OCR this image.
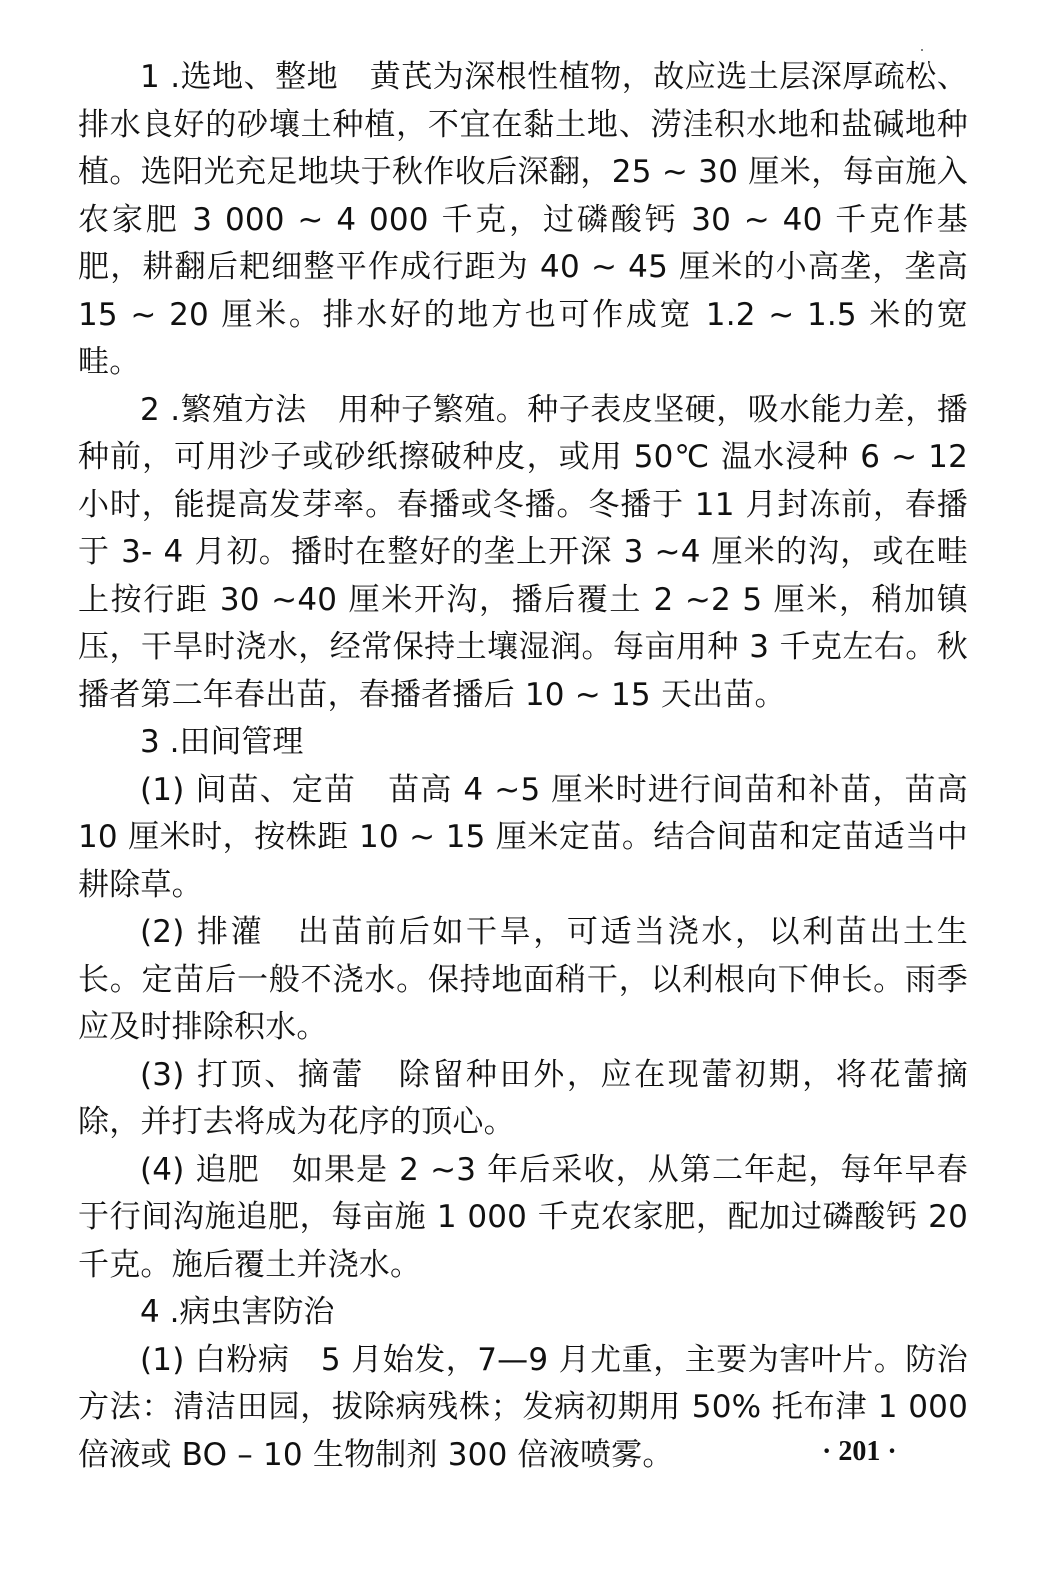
1 .选地、整地　黄芪为深根性植物，故应选土层深厚疏松、排水良好的砂壤土种植，不宜在黏土地、涝洼积水地和盐碱地种植。选阳光充足地块于秋作收后深翻，25 ~ 30 厘米，每亩施入农家肥 3 000 ~ 4 000 千克，过磷酸钙 30 ~ 40 千克作基肥，耕翻后耙细整平作成行距为 40 ~ 45 厘米的小高垄，垄高 15 ~ 20 厘米。排水好的地方也可作成宽 1.2 ~ 1.5 米的宽畦。

2 .繁殖方法　用种子繁殖。种子表皮坚硬，吸水能力差，播种前，可用沙子或砂纸擦破种皮，或用 50℃ 温水浸种 6 ~ 12 小时，能提高发芽率。春播或冬播。冬播于 11 月封冻前，春播于 3- 4 月初。播时在整好的垄上开深 3 ~4 厘米的沟，或在畦上按行距 30 ~40 厘米开沟，播后覆土 2 ~2 5 厘米，稍加镇压，干旱时浇水，经常保持土壤湿润。每亩用种 3 千克左右。秋播者第二年春出苗，春播者播后 10 ~ 15 天出苗。

3 .田间管理

(1) 间苗、定苗　苗高 4 ~5 厘米时进行间苗和补苗，苗高 10 厘米时，按株距 10 ~ 15 厘米定苗。结合间苗和定苗适当中耕除草。

(2) 排灌　出苗前后如干旱，可适当浇水，以利苗出土生长。定苗后一般不浇水。保持地面稍干，以利根向下伸长。雨季应及时排除积水。

(3) 打顶、摘蕾　除留种田外，应在现蕾初期，将花蕾摘除，并打去将成为花序的顶心。

(4) 追肥　如果是 2 ~3 年后采收，从第二年起，每年早春于行间沟施追肥，每亩施 1 000 千克农家肥，配加过磷酸钙 20 千克。施后覆土并浇水。

4 .病虫害防治

(1) 白粉病　5 月始发，7—9 月尤重，主要为害叶片。防治方法：清洁田园，拔除病残株；发病初期用 50% 托布津 1 000 倍液或 BO – 10 生物制剂 300 倍液喷雾。	· 201 ·
